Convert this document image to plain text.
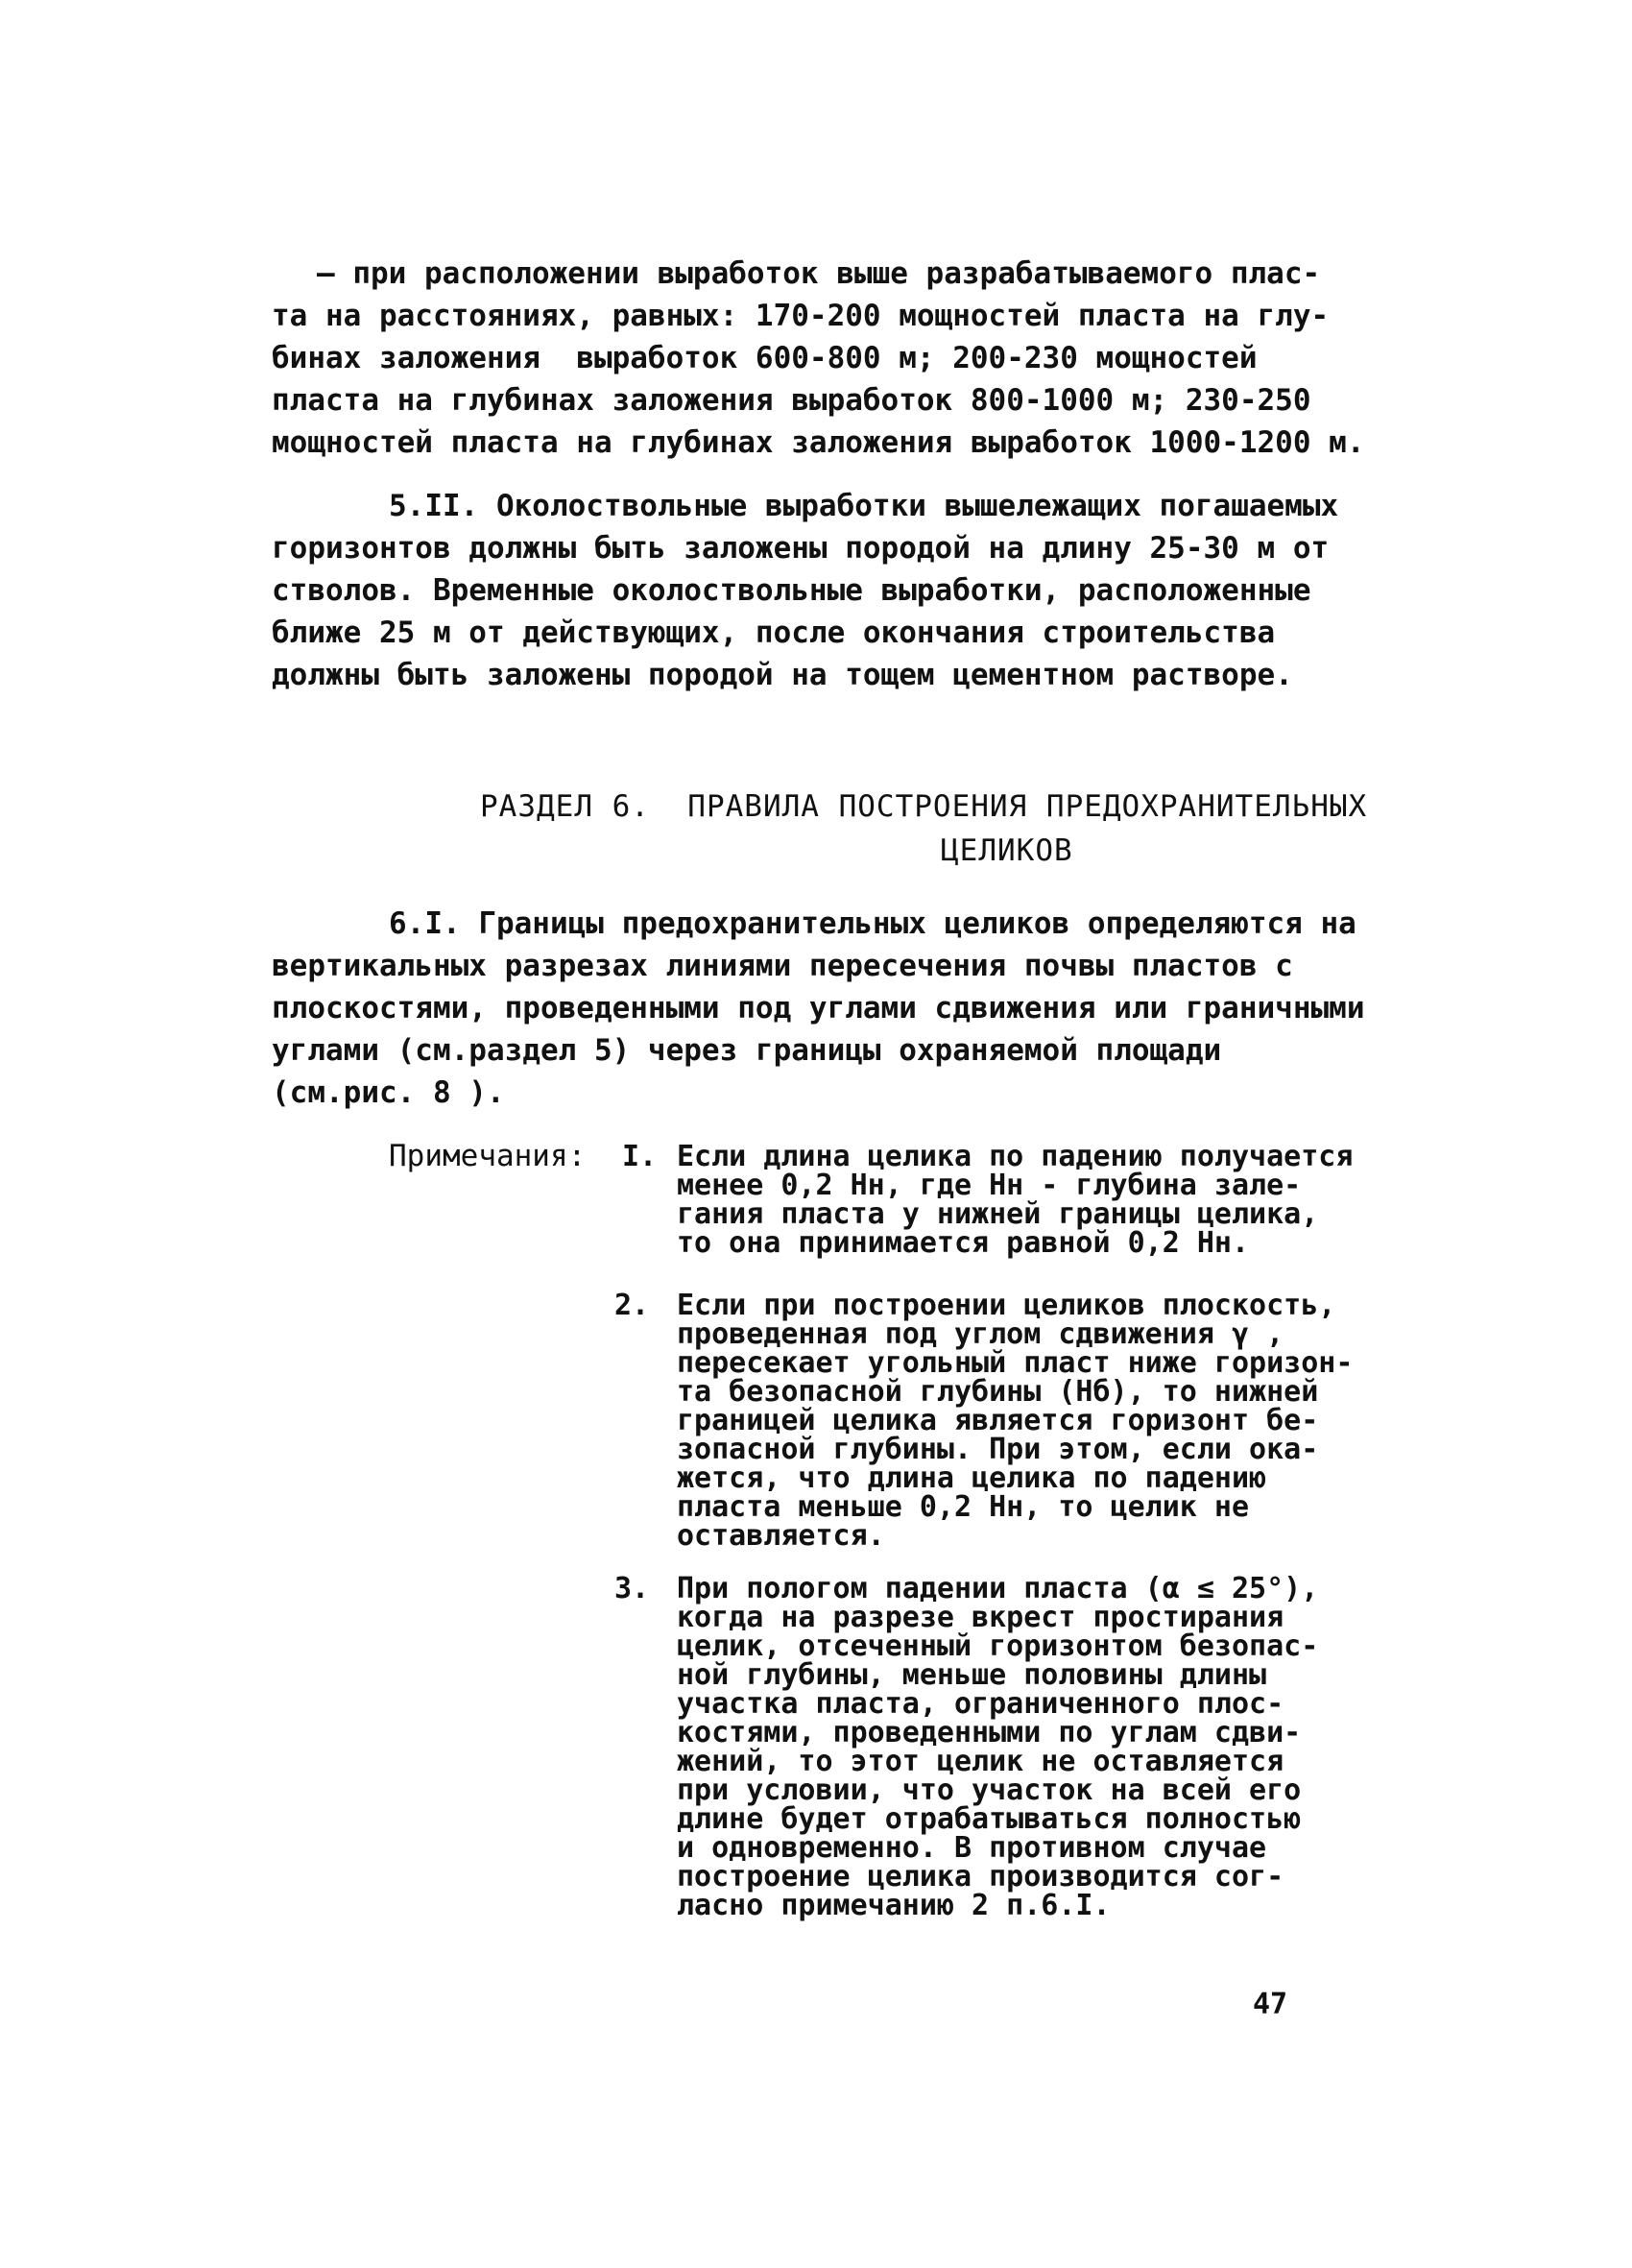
– при расположении выработок выше разрабатываемого плас-
та на расстояниях, равных: 170-200 мощностей пласта на глу-
бинах заложения  выработок 600-800 м; 200-230 мощностей
пласта на глубинах заложения выработок 800-1000 м; 230-250
мощностей пласта на глубинах заложения выработок 1000-1200 м.
5.II. Околоствольные выработки вышележащих погашаемых
горизонтов должны быть заложены породой на длину 25-30 м от
стволов. Временные околоствольные выработки, расположенные
ближе 25 м от действующих, после окончания строительства
должны быть заложены породой на тощем цементном растворе.
РАЗДЕЛ 6.  ПРАВИЛА ПОСТРОЕНИЯ ПРЕДОХРАНИТЕЛЬНЫХ
ЦЕЛИКОВ
6.I. Границы предохранительных целиков определяются на
вертикальных разрезах линиями пересечения почвы пластов с
плоскостями, проведенными под углами сдвижения или граничными
углами (см.раздел 5) через границы охраняемой площади
(см.рис. 8 ).
Примечания: I. Если длина целика по падению получается
менее 0,2 Нн, где Нн - глубина зале-
гания пласта у нижней границы целика,
то она принимается равной 0,2 Нн.
2. Если при построении целиков плоскость,
проведенная под углом сдвижения γ ,
пересекает угольный пласт ниже горизон-
та безопасной глубины (Нб), то нижней
границей целика является горизонт бе-
зопасной глубины. При этом, если ока-
жется, что длина целика по падению
пласта меньше 0,2 Нн, то целик не
оставляется.
3. При пологом падении пласта (α ≤ 25°),
когда на разрезе вкрест простирания
целик, отсеченный горизонтом безопас-
ной глубины, меньше половины длины
участка пласта, ограниченного плос-
костями, проведенными по углам сдви-
жений, то этот целик не оставляется
при условии, что участок на всей его
длине будет отрабатываться полностью
и одновременно. В противном случае
построение целика производится сог-
ласно примечанию 2 п.6.I.
47
